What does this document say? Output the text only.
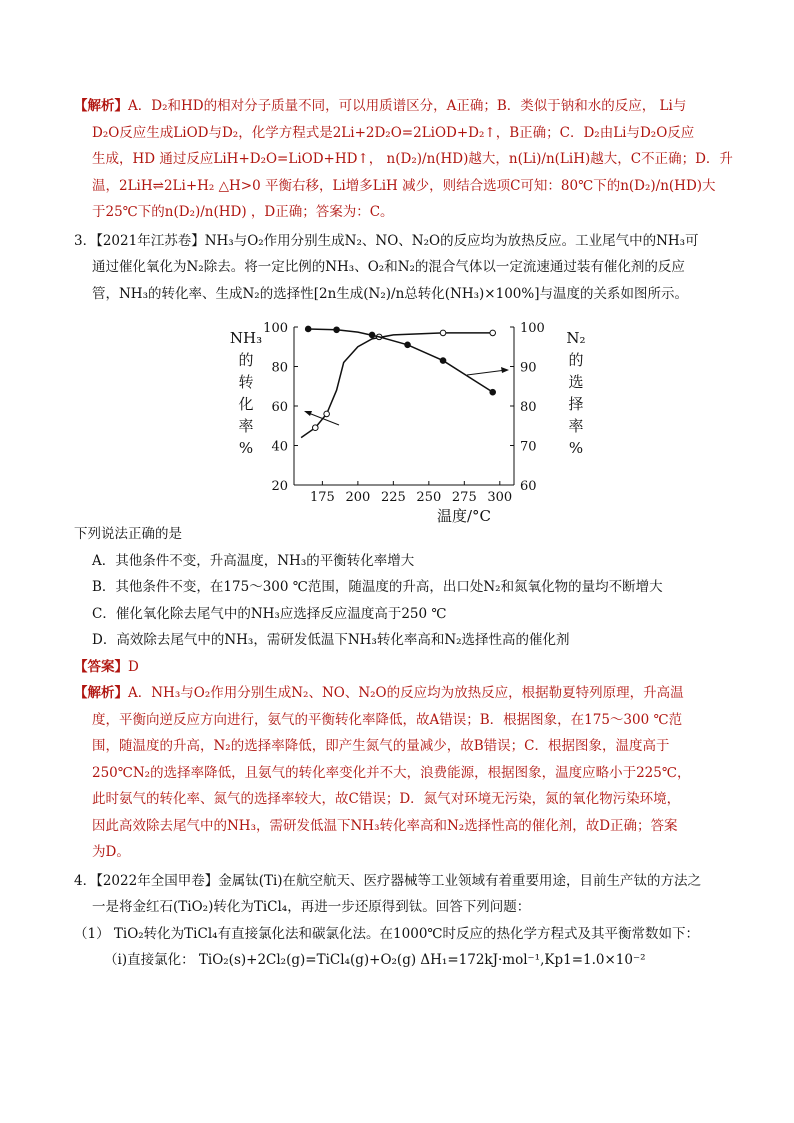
【解析】A．D₂和HD的相对分子质量不同，可以用质谱区分，A正确；B．类似于钠和水的反应， Li与
D₂O反应生成LiOD与D₂，化学方程式是2Li+2D₂O=2LiOD+D₂↑，B正确；C．D₂由Li与D₂O反应
生成，HD 通过反应LiH+D₂O=LiOD+HD↑， n(D₂)/n(HD)越大，n(Li)/n(LiH)越大，C不正确；D．升
温，2LiH⇌2Li+H₂ △H>0 平衡右移，Li增多LiH 减少，则结合选项C可知：80℃下的n(D₂)/n(HD)大
于25℃下的n(D₂)/n(HD) ，D正确；答案为：C。
3．【2021年江苏卷】NH₃与O₂作用分别生成N₂、NO、N₂O的反应均为放热反应。工业尾气中的NH₃可
通过催化氧化为N₂除去。将一定比例的NH₃、O₂和N₂的混合气体以一定流速通过装有催化剂的反应
管，NH₃的转化率、生成N₂的选择性[2n生成(N₂)/n总转化(NH₃)×100%]与温度的关系如图所示。
175 200 225 250 275 300
20
40
60
80
100
60
70
80
90
100
温度/°C
NH₃
的
转
化
率
%
N₂
的
选
择
率
%
下列说法正确的是
A．其他条件不变，升高温度，NH₃的平衡转化率增大
B．其他条件不变，在175～300 ℃范围，随温度的升高，出口处N₂和氮氧化物的量均不断增大
C．催化氧化除去尾气中的NH₃应选择反应温度高于250 ℃
D．高效除去尾气中的NH₃，需研发低温下NH₃转化率高和N₂选择性高的催化剂
【答案】D
【解析】A．NH₃与O₂作用分别生成N₂、NO、N₂O的反应均为放热反应，根据勒夏特列原理，升高温
度，平衡向逆反应方向进行，氨气的平衡转化率降低，故A错误；B．根据图象，在175～300 ℃范
围，随温度的升高，N₂的选择率降低，即产生氮气的量减少，故B错误；C．根据图象，温度高于
250℃N₂的选择率降低，且氨气的转化率变化并不大，浪费能源，根据图象，温度应略小于225℃，
此时氨气的转化率、氮气的选择率较大，故C错误；D．氮气对环境无污染，氮的氧化物污染环境，
因此高效除去尾气中的NH₃，需研发低温下NH₃转化率高和N₂选择性高的催化剂，故D正确；答案
为D。
4．【2022年全国甲卷】金属钛(Ti)在航空航天、医疗器械等工业领域有着重要用途，目前生产钛的方法之
一是将金红石(TiO₂)转化为TiCl₄，再进一步还原得到钛。回答下列问题：
（1） TiO₂转化为TiCl₄有直接氯化法和碳氯化法。在1000℃时反应的热化学方程式及其平衡常数如下：
（ⅰ)直接氯化： TiO₂(s)+2Cl₂(g)=TiCl₄(g)+O₂(g) ΔH₁=172kJ·mol⁻¹,Kp1=1.0×10⁻²
